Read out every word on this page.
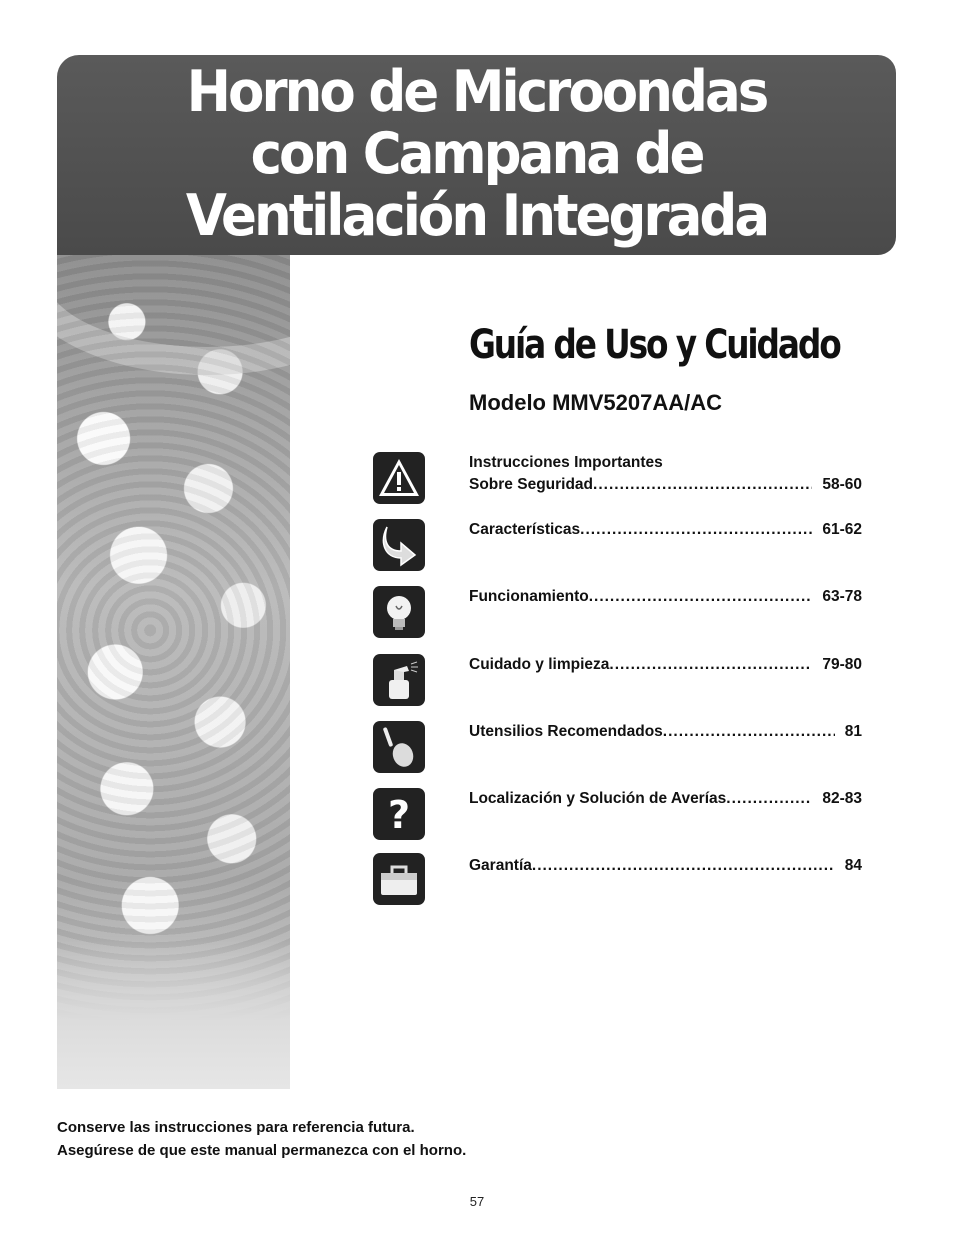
Horno de Microondas
con Campana de
Ventilación Integrada
Guía de Uso y Cuidado
Modelo MMV5207AA/AC
?
Instrucciones Importantes
Sobre Seguridad .....	58-60
Características .....	61-62
Funcionamiento .....	63-78
Cuidado y limpieza .....	79-80
Utensilios Recomendados .....	81
Localización y Solución de Averías .....	82-83
Garantía .....	84
Conserve las instrucciones para referencia futura.
Asegúrese de que este manual permanezca con el horno.
57
